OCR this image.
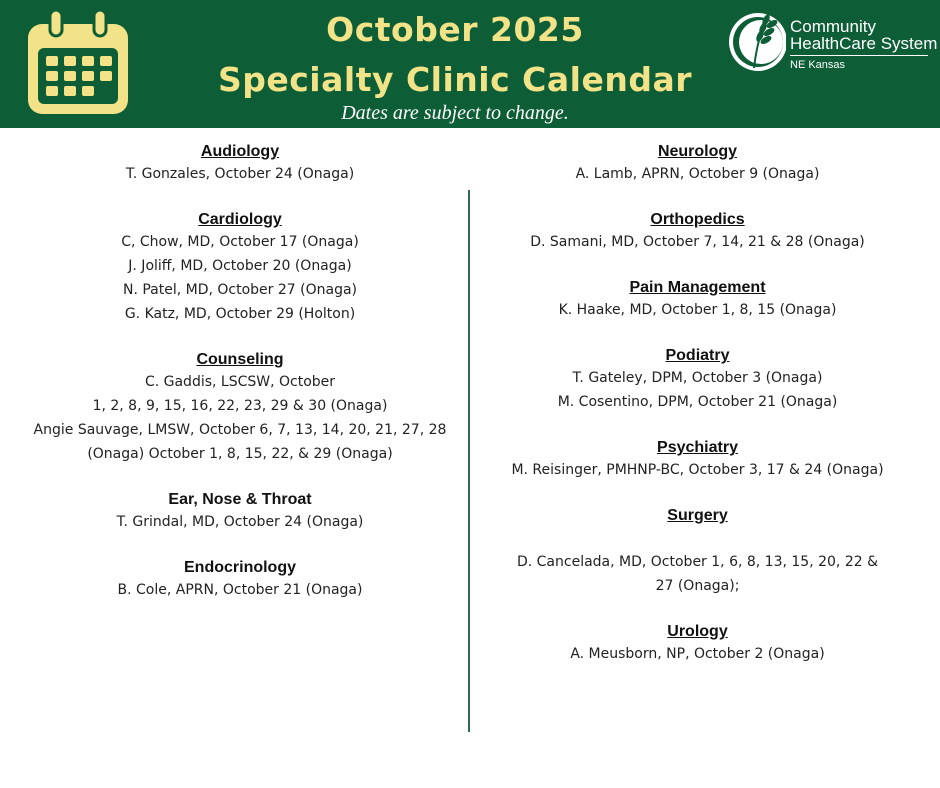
October 2025
Specialty Clinic Calendar
Dates are subject to change.
Community
HealthCare System
NE Kansas
Audiology
T. Gonzales, October 24 (Onaga)
Cardiology
C, Chow, MD, October 17 (Onaga)
J. Joliff, MD, October 20 (Onaga)
N. Patel, MD, October 27 (Onaga)
G. Katz, MD, October 29 (Holton)
Counseling
C. Gaddis, LSCSW, October
1, 2, 8, 9, 15, 16, 22, 23, 29 & 30 (Onaga)
Angie Sauvage, LMSW, October 6, 7, 13, 14, 20, 21, 27, 28
(Onaga) October 1, 8, 15, 22, & 29 (Onaga)
Ear, Nose & Throat
T. Grindal, MD, October 24 (Onaga)
Endocrinology
B. Cole, APRN, October 21 (Onaga)
Neurology
A. Lamb, APRN, October 9 (Onaga)
Orthopedics
D. Samani, MD, October 7, 14, 21 & 28 (Onaga)
Pain Management
K. Haake, MD, October 1, 8, 15 (Onaga)
Podiatry
T. Gateley, DPM, October 3 (Onaga)
M. Cosentino, DPM, October 21 (Onaga)
Psychiatry
M. Reisinger, PMHNP-BC, October 3, 17 & 24 (Onaga)
Surgery
D. Cancelada, MD, October 1, 6, 8, 13, 15, 20, 22 &
27 (Onaga);
Urology
A. Meusborn, NP, October 2 (Onaga)
